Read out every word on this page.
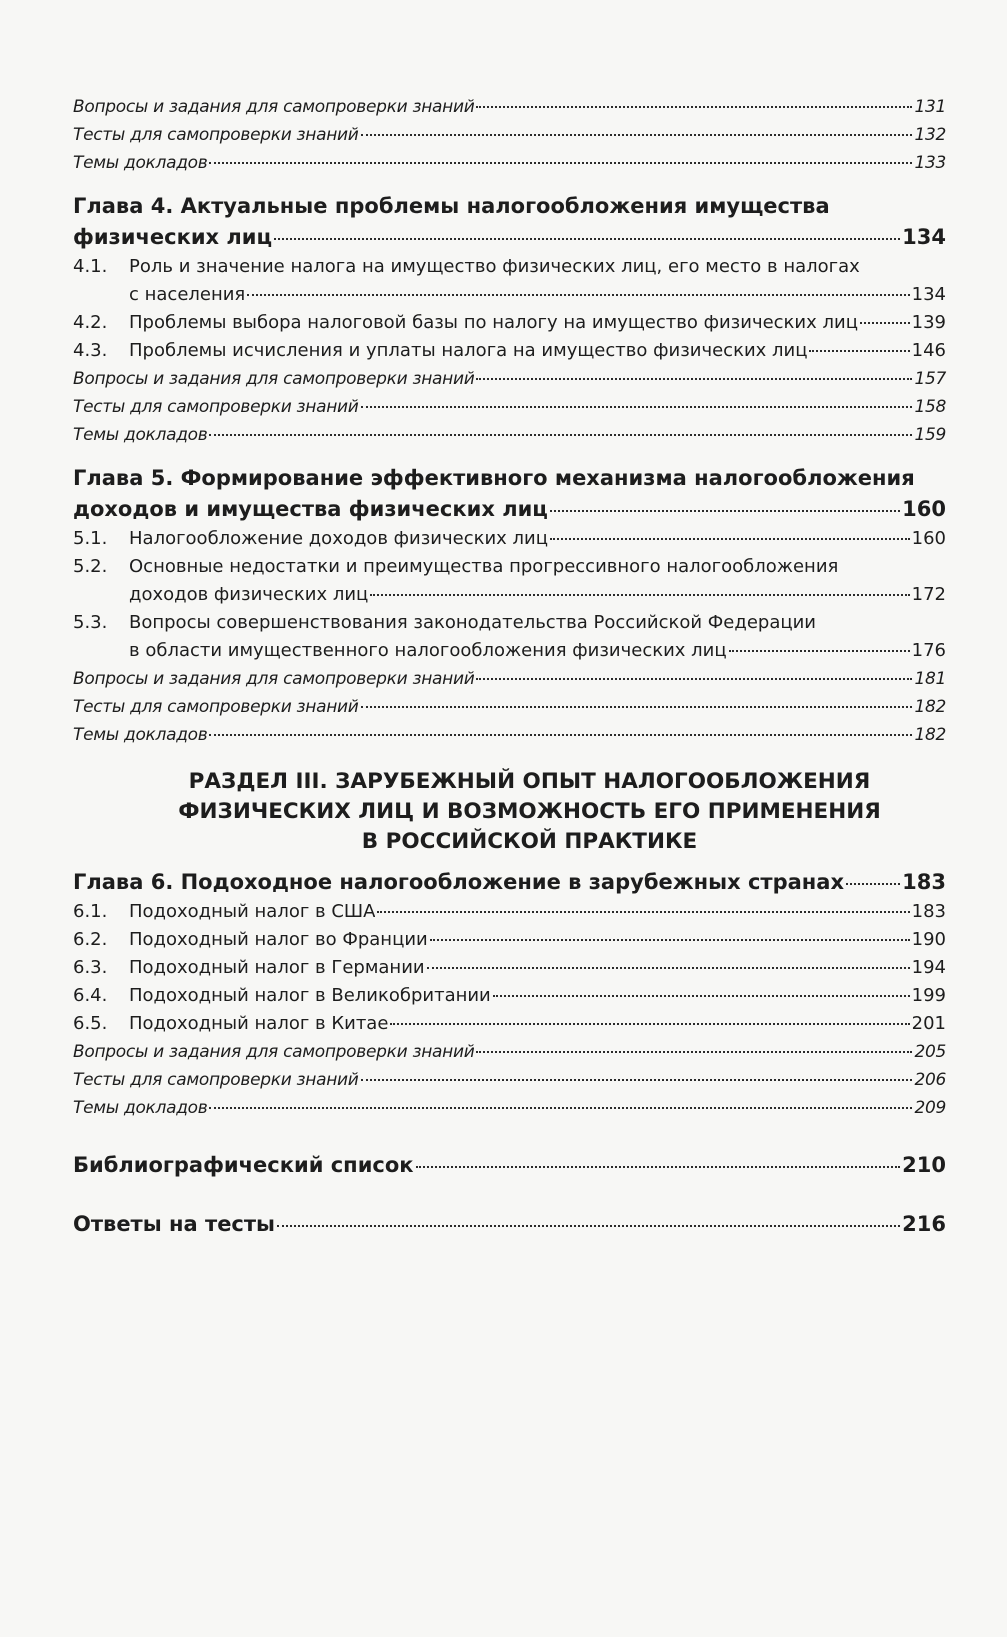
Вопросы и задания для самопроверки знаний	131
Тесты для самопроверки знаний	132
Темы докладов	133
Глава 4. Актуальные проблемы налогообложения имущества
физических лиц	134
4.1.	Роль и значение налога на имущество физических лиц, его место в налогах
с населения	134
4.2.	Проблемы выбора налоговой базы по налогу на имущество физических лиц	139
4.3.	Проблемы исчисления и уплаты налога на имущество физических лиц	146
Вопросы и задания для самопроверки знаний	157
Тесты для самопроверки знаний	158
Темы докладов	159
Глава 5. Формирование эффективного механизма налогообложения
доходов и имущества физических лиц	160
5.1.	Налогообложение доходов физических лиц	160
5.2.	Основные недостатки и преимущества прогрессивного налогообложения
доходов физических лиц	172
5.3.	Вопросы совершенствования законодательства Российской Федерации
в области имущественного налогообложения физических лиц	176
Вопросы и задания для самопроверки знаний	181
Тесты для самопроверки знаний	182
Темы докладов	182
РАЗДЕЛ III. ЗАРУБЕЖНЫЙ ОПЫТ НАЛОГООБЛОЖЕНИЯ
ФИЗИЧЕСКИХ ЛИЦ И ВОЗМОЖНОСТЬ ЕГО ПРИМЕНЕНИЯ
В РОССИЙСКОЙ ПРАКТИКЕ
Глава 6. Подоходное налогообложение в зарубежных странах	183
6.1.	Подоходный налог в США	183
6.2.	Подоходный налог во Франции	190
6.3.	Подоходный налог в Германии	194
6.4.	Подоходный налог в Великобритании	199
6.5.	Подоходный налог в Китае	201
Вопросы и задания для самопроверки знаний	205
Тесты для самопроверки знаний	206
Темы докладов	209
Библиографический список	210
Ответы на тесты	216
